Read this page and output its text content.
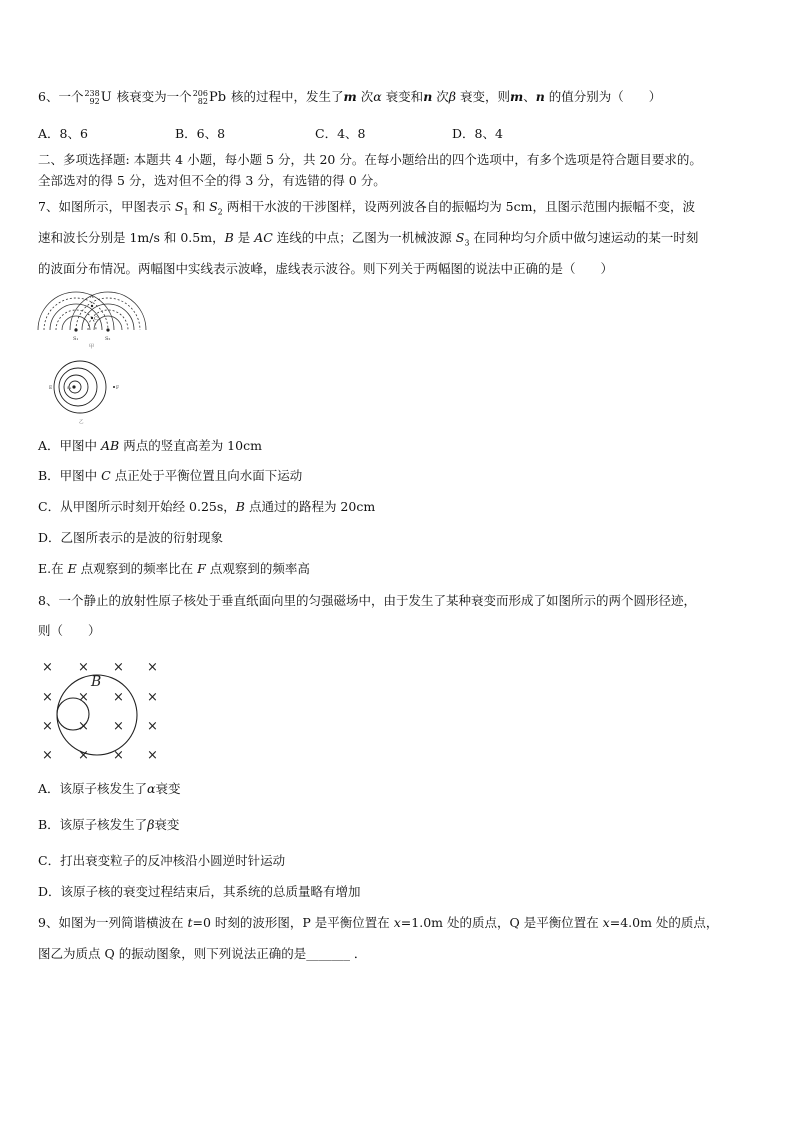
6、一个 238
92 U 核衰变为一个 206
82 Pb 核的过程中，发生了m 次α 衰变和n 次β 衰变，则m、n 的值分别为（　　）
A．8、6	B．6、8	C．4、8	D．8、4
二、多项选择题: 本题共 4 小题，每小题 5 分，共 20 分。在每小题给出的四个选项中，有多个选项是符合题目要求的。
全部选对的得 5 分，选对但不全的得 3 分，有选错的得 0 分。
7、如图所示，甲图表示 $S_1$ 和 $S_2$ 两相干水波的干涉图样，设两列波各自的振幅均为 5cm，且图示范围内振幅不变，波
速和波长分别是 1m/s 和 0.5m，B 是 AC 连线的中点；乙图为一机械波源 $S_3$ 在同种均匀介质中做匀速运动的某一时刻
的波面分布情况。两幅图中实线表示波峰，虚线表示波谷。则下列关于两幅图的说法中正确的是（　　）
S₁	S₂
A
C
甲
S₃
E	F
乙
A．甲图中 AB 两点的竖直高差为 10cm
B．甲图中 C 点正处于平衡位置且向水面下运动
C．从甲图所示时刻开始经 0.25s，B 点通过的路程为 20cm
D．乙图所表示的是波的衍射现象
E.在 E 点观察到的频率比在 F 点观察到的频率高
8、一个静止的放射性原子核处于垂直纸面向里的匀强磁场中，由于发生了某种衰变而形成了如图所示的两个圆形径迹，
则（　　）
× × × ×
× × × ×
× × × ×
× × × ×
B
A．该原子核发生了α衰变
B．该原子核发生了β衰变
C．打出衰变粒子的反冲核沿小圆逆时针运动
D．该原子核的衰变过程结束后，其系统的总质量略有增加
9、如图为一列简谐横波在 t=0 时刻的波形图，P 是平衡位置在 x=1.0m 处的质点，Q 是平衡位置在 x=4.0m 处的质点，
图乙为质点 Q 的振动图象，则下列说法正确的是_______ ．
